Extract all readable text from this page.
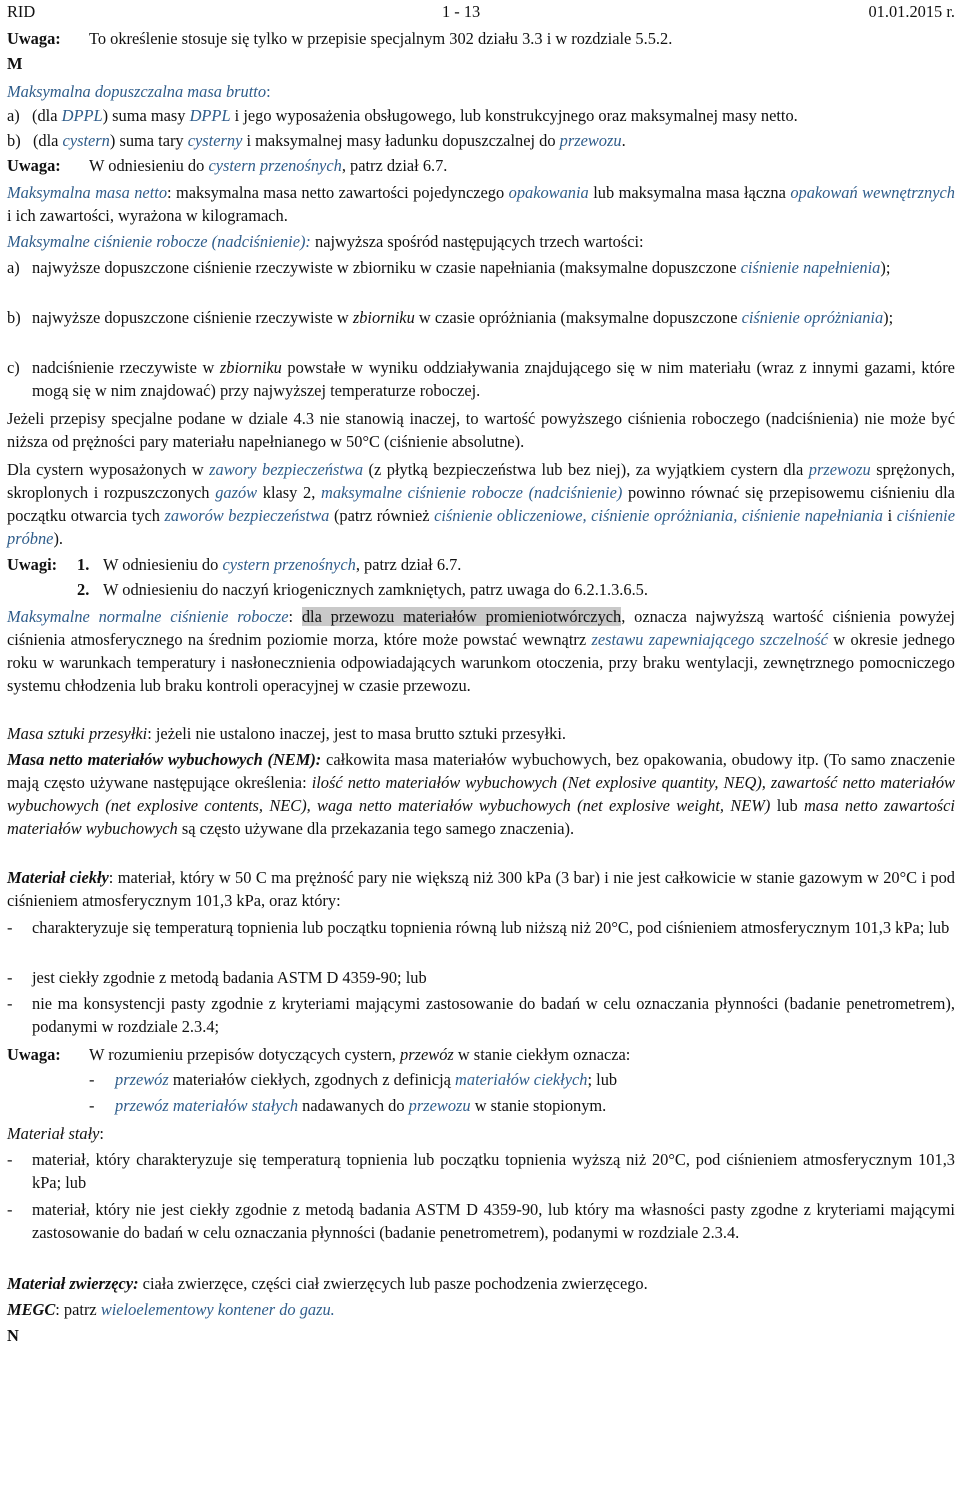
RID	1 - 13	01.01.2015 r.
Uwaga: To określenie stosuje się tylko w przepisie specjalnym 302 działu 3.3 i w rozdziale 5.5.2.
M
Maksymalna dopuszczalna masa brutto:
a) (dla DPPL) suma masy DPPL i jego wyposażenia obsługowego, lub konstrukcyjnego oraz maksymalnej masy netto.
b) (dla cystern) suma tary cysterny i maksymalnej masy ładunku dopuszczalnej do przewozu.
Uwaga: W odniesieniu do cystern przenośnych, patrz dział 6.7.
Maksymalna masa netto: maksymalna masa netto zawartości pojedynczego opakowania lub maksymalna masa łączna opakowań wewnętrznych i ich zawartości, wyrażona w kilogramach.
Maksymalne ciśnienie robocze (nadciśnienie): najwyższa spośród następujących trzech wartości:
a) najwyższe dopuszczone ciśnienie rzeczywiste w zbiorniku w czasie napełniania (maksymalne dopuszczone ciśnienie napełnienia);
b) najwyższe dopuszczone ciśnienie rzeczywiste w zbiorniku w czasie opróżniania (maksymalne dopuszczone ciśnienie opróżniania);
c) nadciśnienie rzeczywiste w zbiorniku powstałe w wyniku oddziaływania znajdującego się w nim materiału (wraz z innymi gazami, które mogą się w nim znajdować) przy najwyższej temperaturze roboczej.
Jeżeli przepisy specjalne podane w dziale 4.3 nie stanowią inaczej, to wartość powyższego ciśnienia roboczego (nadciśnienia) nie może być niższa od prężności pary materiału napełnianego w 50°C (ciśnienie absolutne).
Dla cystern wyposażonych w zawory bezpieczeństwa (z płytką bezpieczeństwa lub bez niej), za wyjątkiem cystern dla przewozu sprężonych, skroplonych i rozpuszczonych gazów klasy 2, maksymalne ciśnienie robocze (nadciśnienie) powinno równać się przepisowemu ciśnieniu dla początku otwarcia tych zaworów bezpieczeństwa (patrz również ciśnienie obliczeniowe, ciśnienie opróżniania, ciśnienie napełniania i ciśnienie próbne).
Uwagi: 1. W odniesieniu do cystern przenośnych, patrz dział 6.7.
2. W odniesieniu do naczyń kriogenicznych zamkniętych, patrz uwaga do 6.2.1.3.6.5.
Maksymalne normalne ciśnienie robocze: dla przewozu materiałów promieniotwórczych, oznacza najwyższą wartość ciśnienia powyżej ciśnienia atmosferycznego na średnim poziomie morza, które może powstać wewnątrz zestawu zapewniającego szczelność w okresie jednego roku w warunkach temperatury i nasłonecznienia odpowiadających warunkom otoczenia, przy braku wentylacji, zewnętrznego pomocniczego systemu chłodzenia lub braku kontroli operacyjnej w czasie przewozu.
Masa sztuki przesyłki: jeżeli nie ustalono inaczej, jest to masa brutto sztuki przesyłki.
Masa netto materiałów wybuchowych (NEM): całkowita masa materiałów wybuchowych, bez opakowania, obudowy itp. (To samo znaczenie mają często używane następujące określenia: ilość netto materiałów wybuchowych (Net explosive quantity, NEQ), zawartość netto materiałów wybuchowych (net explosive contents, NEC), waga netto materiałów wybuchowych (net explosive weight, NEW) lub masa netto zawartości materiałów wybuchowych są często używane dla przekazania tego samego znaczenia).
Materiał ciekły: materiał, który w 50 C ma prężność pary nie większą niż 300 kPa (3 bar) i nie jest całkowicie w stanie gazowym w 20°C i pod ciśnieniem atmosferycznym 101,3 kPa, oraz który:
- charakteryzuje się temperaturą topnienia lub początku topnienia równą lub niższą niż 20°C, pod ciśnieniem atmosferycznym 101,3 kPa; lub
- jest ciekły zgodnie z metodą badania ASTM D 4359-90; lub
- nie ma konsystencji pasty zgodnie z kryteriami mającymi zastosowanie do badań w celu oznaczania płynności (badanie penetrometrem), podanymi w rozdziale 2.3.4;
Uwaga: W rozumieniu przepisów dotyczących cystern, przewóz w stanie ciekłym oznacza:
- przewóz materiałów ciekłych, zgodnych z definicją materiałów ciekłych; lub
- przewóz materiałów stałych nadawanych do przewozu w stanie stopionym.
Materiał stały:
- materiał, który charakteryzuje się temperaturą topnienia lub początku topnienia wyższą niż 20°C, pod ciśnieniem atmosferycznym 101,3 kPa; lub
- materiał, który nie jest ciekły zgodnie z metodą badania ASTM D 4359-90, lub który ma własności pasty zgodne z kryteriami mającymi zastosowanie do badań w celu oznaczania płynności (badanie penetrometrem), podanymi w rozdziale 2.3.4.
Materiał zwierzęcy: ciała zwierzęce, części ciał zwierzęcych lub pasze pochodzenia zwierzęcego.
MEGC: patrz wieloelementowy kontener do gazu.
N
